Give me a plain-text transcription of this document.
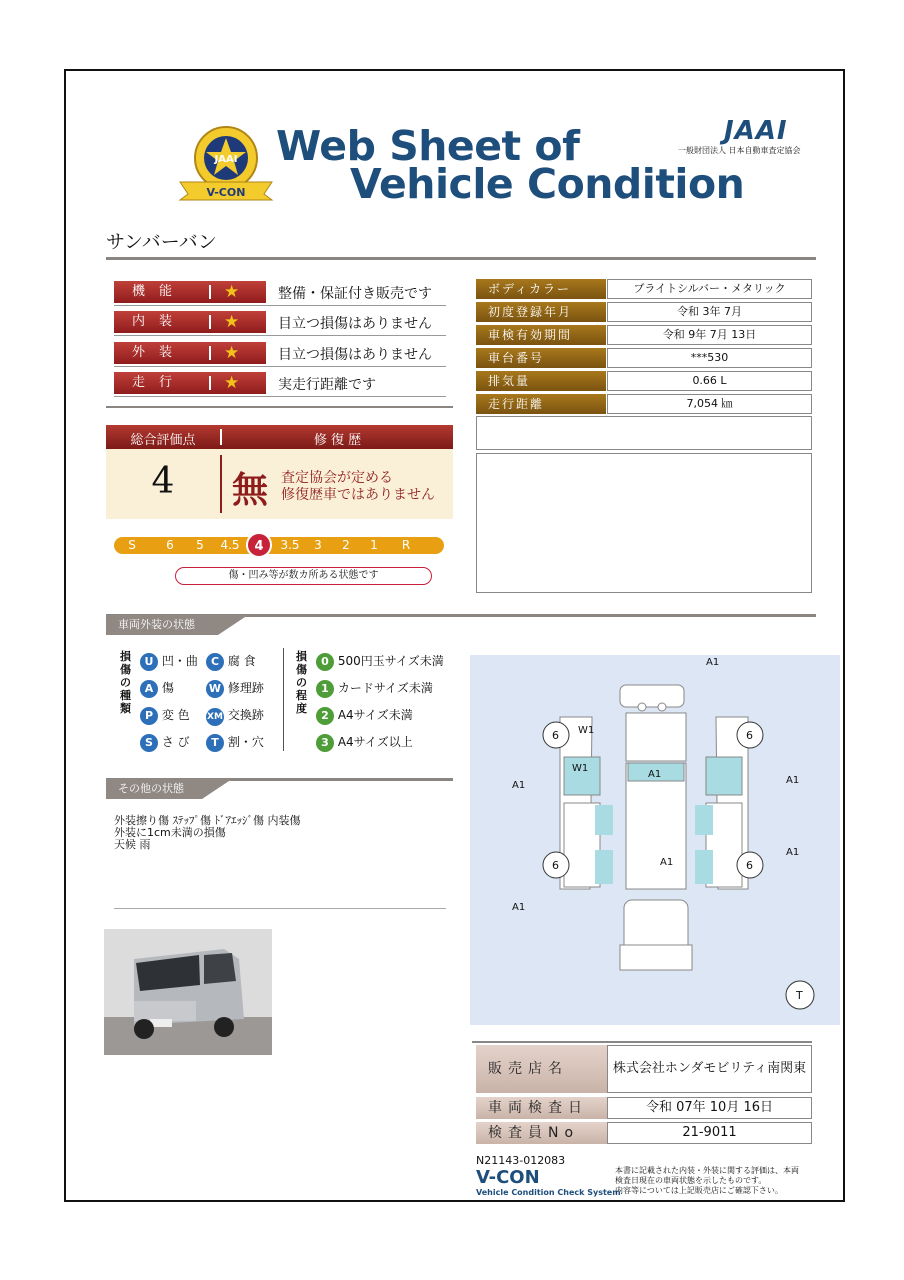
JAAI
V-CON
Web Sheet of
Vehicle Condition
JAAI
一般財団法人 日本自動車査定協会
サンバーバン
機能	★	整備・保証付き販売です
内装	★	目立つ損傷はありません
外装	★	目立つ損傷はありません
走行	★	実走行距離です
ボディカラー	ブライトシルバー・メタリック
初度登録年月	令和 3年 7月
車検有効期間	令和 9年 7月 13日
車台番号	***530
排気量	0.66 L
走行距離	7,054 ㎞
総合評価点	修 復 歴
4	無 査定協会が定める
修復歴車ではありません
S	6	5	4.5	4	3.5	3	2	1	R
傷・凹み等が数カ所ある状態です
車両外装の状態
損傷の種類
損傷の程度
U 凹・曲	C 腐 食
A 傷	W 修理跡
P 変 色 XM 交換跡
S さ び	T 割・穴
0 500円玉サイズ未満
1 カードサイズ未満
2 A4サイズ未満
3 A4サイズ以上
その他の状態
外装擦り傷 ｽﾃｯﾌﾟ傷 ﾄﾞｱｴｯｼﾞ傷 内装傷
外装に1cm未満の損傷
天候 雨
A1
A1
A1
A1
A1
A1
A1
W1
W1
6	6
6	6
T
販売店名	株式会社ホンダモビリティ南関東
車両検査日	令和 07年 10月 16日
検査員No	21-9011
N21143-012083
V-CON
Vehicle Condition Check System
本書に記載された内装・外装に関する評価は、本両
検査日現在の車両状態を示したものです。
内容等については上記販売店にご確認下さい。
